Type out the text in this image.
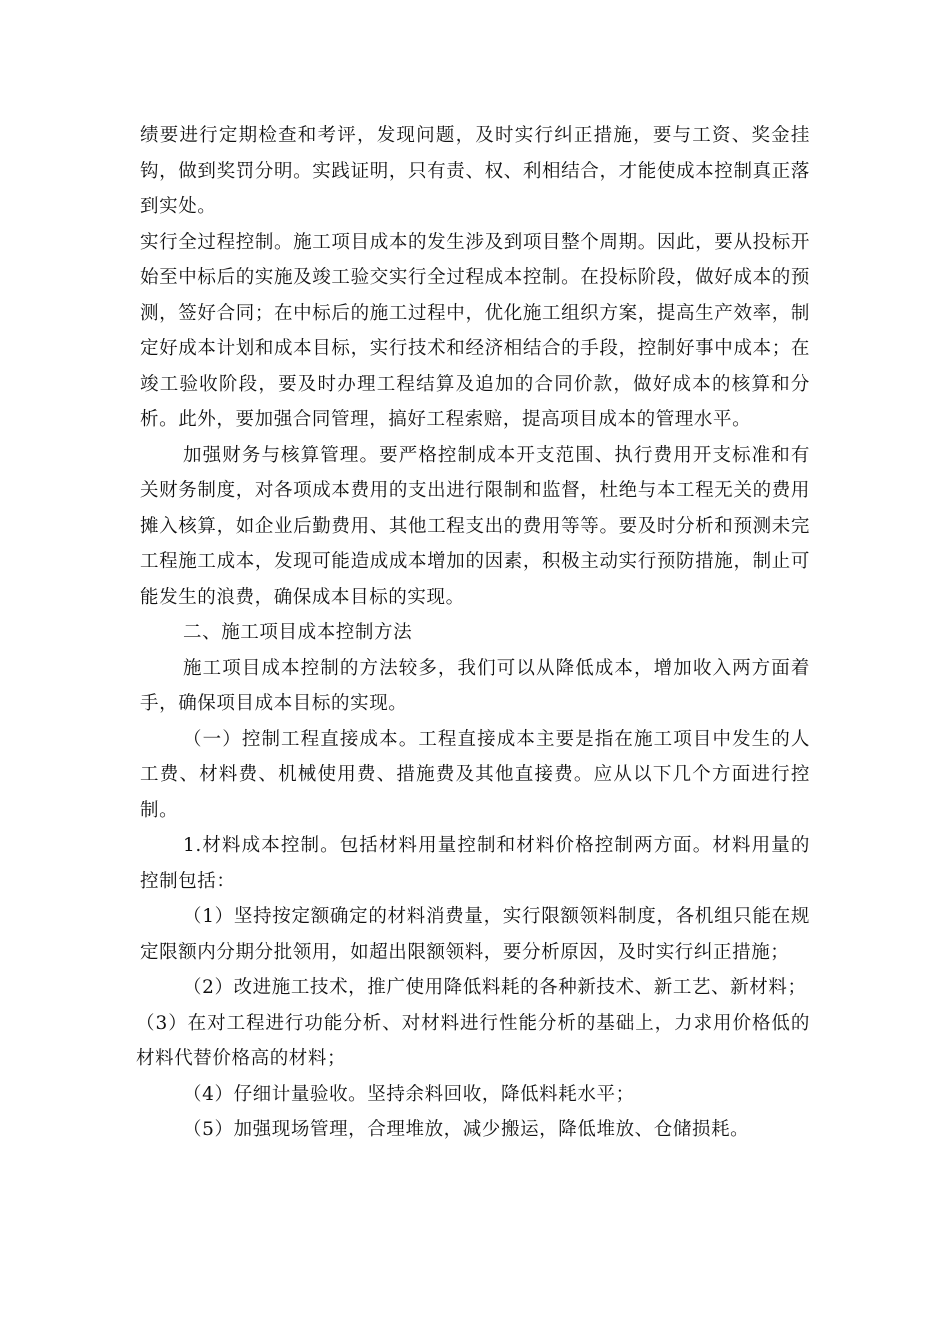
绩要进行定期检查和考评，发现问题，及时实行纠正措施，要与工资、奖金挂钩，做到奖罚分明。实践证明，只有责、权、利相结合，才能使成本控制真正落到实处。

实行全过程控制。施工项目成本的发生涉及到项目整个周期。因此，要从投标开始至中标后的实施及竣工验交实行全过程成本控制。在投标阶段，做好成本的预测，签好合同；在中标后的施工过程中，优化施工组织方案，提高生产效率，制定好成本计划和成本目标，实行技术和经济相结合的手段，控制好事中成本；在竣工验收阶段，要及时办理工程结算及追加的合同价款，做好成本的核算和分析。此外，要加强合同管理，搞好工程索赔，提高项目成本的管理水平。

加强财务与核算管理。要严格控制成本开支范围、执行费用开支标准和有关财务制度，对各项成本费用的支出进行限制和监督，杜绝与本工程无关的费用摊入核算，如企业后勤费用、其他工程支出的费用等等。要及时分析和预测未完工程施工成本，发现可能造成成本增加的因素，积极主动实行预防措施，制止可能发生的浪费，确保成本目标的实现。

二、施工项目成本控制方法

施工项目成本控制的方法较多，我们可以从降低成本，增加收入两方面着手，确保项目成本目标的实现。

（一）控制工程直接成本。工程直接成本主要是指在施工项目中发生的人工费、材料费、机械使用费、措施费及其他直接费。应从以下几个方面进行控制。

1.材料成本控制。包括材料用量控制和材料价格控制两方面。材料用量的控制包括：

（1）坚持按定额确定的材料消费量，实行限额领料制度，各机组只能在规定限额内分期分批领用，如超出限额领料，要分析原因，及时实行纠正措施；

（2）改进施工技术，推广使用降低料耗的各种新技术、新工艺、新材料；

（3）在对工程进行功能分析、对材料进行性能分析的基础上，力求用价格低的材料代替价格高的材料；

（4）仔细计量验收。坚持余料回收，降低料耗水平；

（5）加强现场管理，合理堆放，减少搬运，降低堆放、仓储损耗。
